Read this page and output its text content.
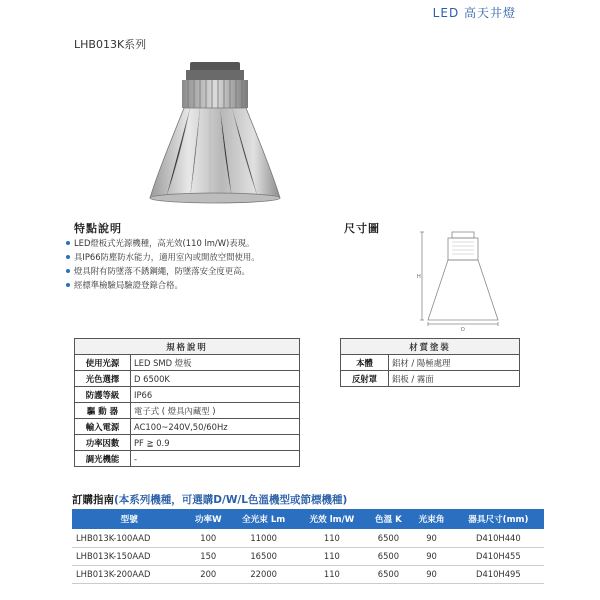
LED 高天井燈
LHB013K系列
特點說明
LED燈板式光源機種，高光效(110 lm/W)表現。
具IP66防塵防水能力，適用室內或開放空間使用。
燈具附有防墜落不銹鋼繩，防墜落安全度更高。
經標準檢驗局驗證登錄合格。
尺寸圖
H
D
規格說明	
使用光源	LED SMD 燈板
光色選擇	D 6500K
防護等級	IP66
驅 動 器	電子式 ( 燈具內藏型 )
輸入電源	AC100~240V,50/60Hz
功率因數	PF ≧ 0.9
調光機能	-
材質塗裝	
本體	鋁材 / 陽極處理
反射罩	鋁板 / 霧面
訂購指南(本系列機種，可選購D/W/L色溫機型或節標機種)
型號	功率W	全光束 Lm	光效 lm/W	色溫 K	光束角	器具尺寸(mm)
LHB013K-100AAD	100	11000	110	6500	90	D410H440
LHB013K-150AAD	150	16500	110	6500	90	D410H455
LHB013K-200AAD	200	22000	110	6500	90	D410H495
